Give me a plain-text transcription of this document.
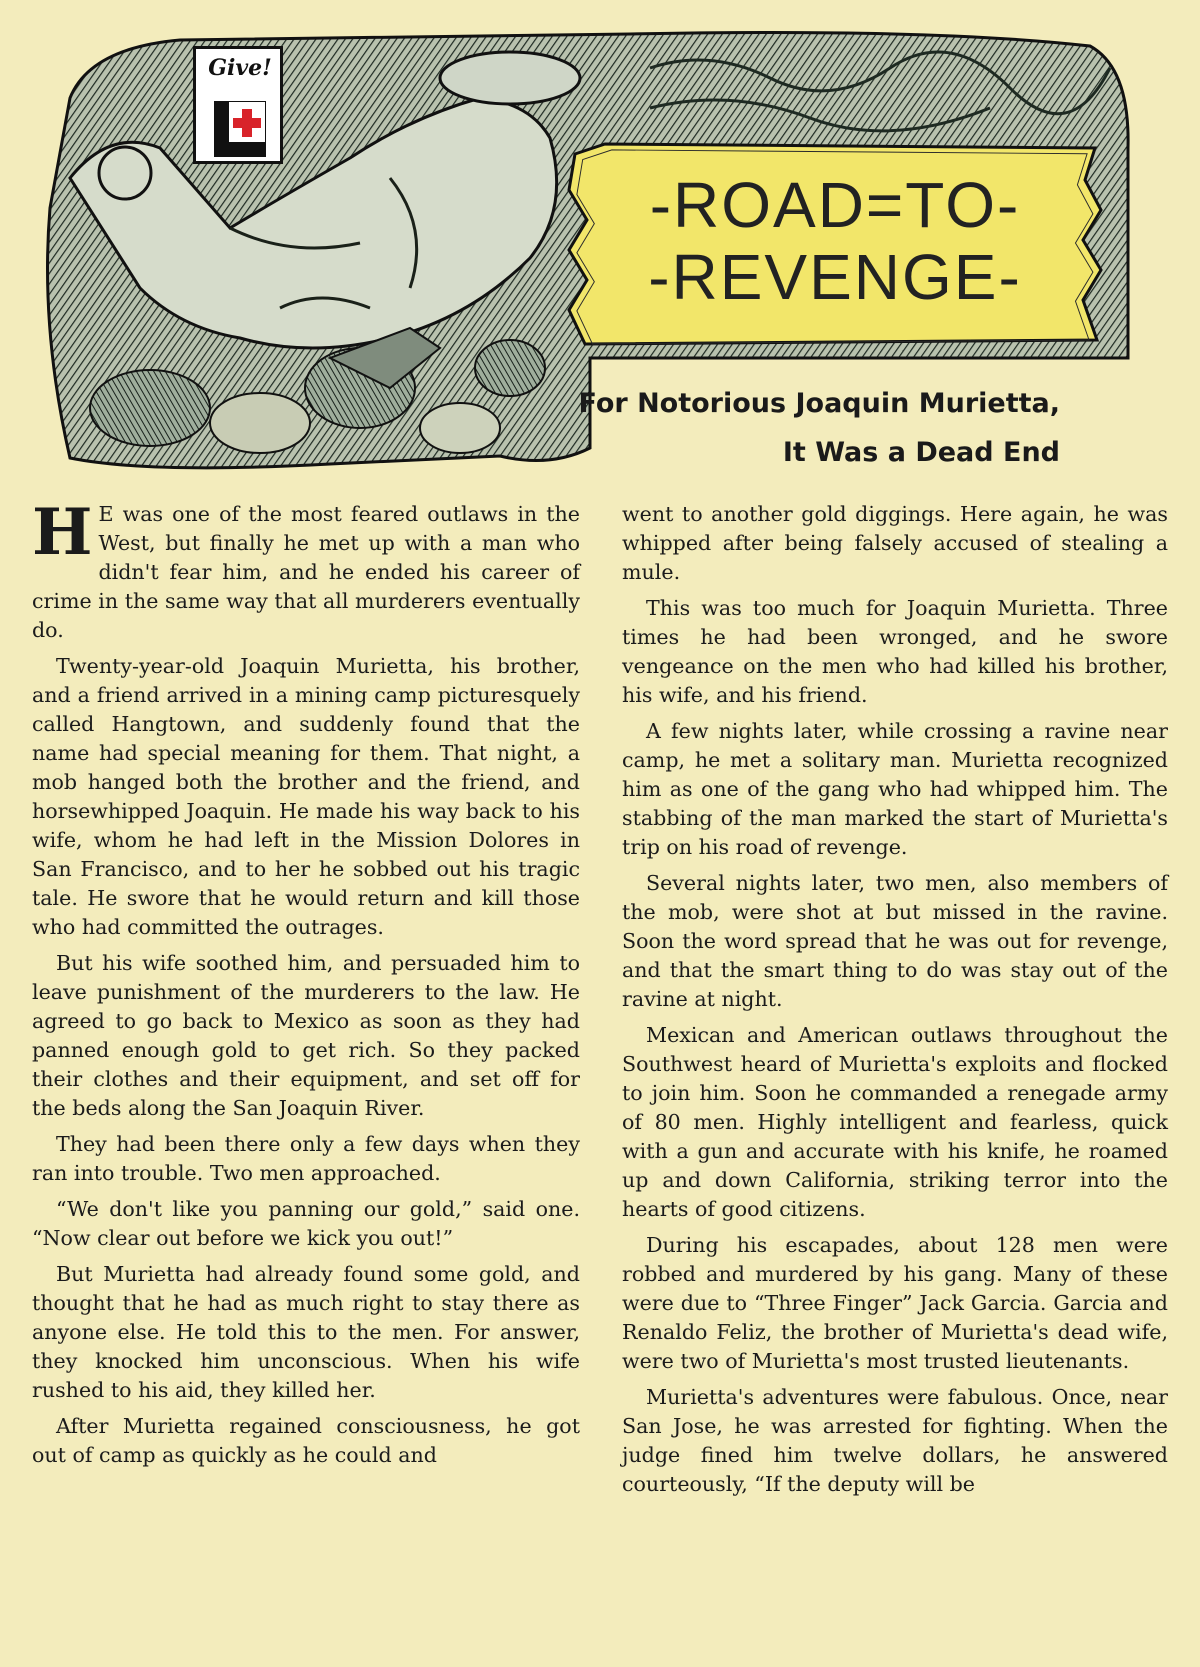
Give!
-ROAD=TO-
-REVENGE-
For Notorious Joaquin Murietta,
It Was a Dead End

H E was one of the most feared outlaws in the West, but finally he met up with a man who didn't fear him, and he ended his career of crime in the same way that all murderers eventually do.

Twenty-year-old Joaquin Murietta, his brother, and a friend arrived in a mining camp picturesquely called Hangtown, and suddenly found that the name had special meaning for them. That night, a mob hanged both the brother and the friend, and horsewhipped Joaquin. He made his way back to his wife, whom he had left in the Mission Dolores in San Francisco, and to her he sobbed out his tragic tale. He swore that he would return and kill those who had committed the outrages.

But his wife soothed him, and persuaded him to leave punishment of the murderers to the law. He agreed to go back to Mexico as soon as they had panned enough gold to get rich. So they packed their clothes and their equipment, and set off for the beds along the San Joaquin River.

They had been there only a few days when they ran into trouble. Two men approached.

“We don't like you panning our gold,” said one. “Now clear out before we kick you out!”

But Murietta had already found some gold, and thought that he had as much right to stay there as anyone else. He told this to the men. For answer, they knocked him unconscious. When his wife rushed to his aid, they killed her.

After Murietta regained consciousness, he got out of camp as quickly as he could and

went to another gold diggings. Here again, he was whipped after being falsely accused of stealing a mule.

This was too much for Joaquin Murietta. Three times he had been wronged, and he swore vengeance on the men who had killed his brother, his wife, and his friend.

A few nights later, while crossing a ravine near camp, he met a solitary man. Murietta recognized him as one of the gang who had whipped him. The stabbing of the man marked the start of Murietta's trip on his road of revenge.

Several nights later, two men, also members of the mob, were shot at but missed in the ravine. Soon the word spread that he was out for revenge, and that the smart thing to do was stay out of the ravine at night.

Mexican and American outlaws throughout the Southwest heard of Murietta's exploits and flocked to join him. Soon he commanded a renegade army of 80 men. Highly intelligent and fearless, quick with a gun and accurate with his knife, he roamed up and down California, striking terror into the hearts of good citizens.

During his escapades, about 128 men were robbed and murdered by his gang. Many of these were due to “Three Finger” Jack Garcia. Garcia and Renaldo Feliz, the brother of Murietta's dead wife, were two of Murietta's most trusted lieutenants.

Murietta's adventures were fabulous. Once, near San Jose, he was arrested for fighting. When the judge fined him twelve dollars, he answered courteously, “If the deputy will be
